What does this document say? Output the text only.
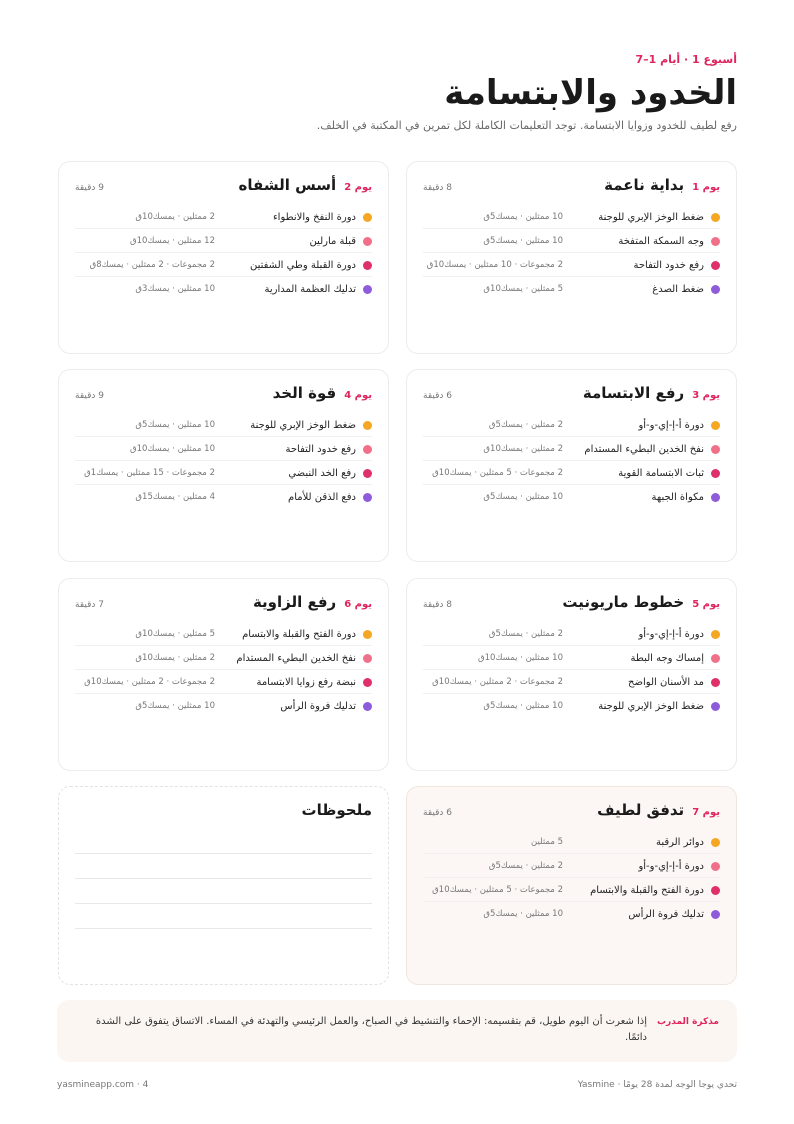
أسبوع 1 · أيام 1–7
الخدود والابتسامة
رفع لطيف للخدود وزوايا الابتسامة. توجد التعليمات الكاملة لكل تمرين في المكتبة في الخلف.
يوم 1
بداية ناعمة
8 دقيقة
ضغط الوخز الإبري للوجنة
10 ممثلين · يمسك5ق
وجه السمكة المتفخة
10 ممثلين · يمسك5ق
رفع خدود التفاحة
2 مجموعات · 10 ممثلين · يمسك10ق
ضغط الصدغ
5 ممثلين · يمسك10ق
يوم 2
أسس الشفاه
9 دقيقة
دورة النفخ والانطواء
2 ممثلين · يمسك10ق
قبلة مارلين
12 ممثلين · يمسك10ق
دورة القبلة وطي الشفتين
2 مجموعات · 2 ممثلين · يمسك8ق
تدليك العظمة المدارية
10 ممثلين · يمسك3ق
يوم 3
رفع الابتسامة
6 دقيقة
دورة أ-إ-إي-و-أو
2 ممثلين · يمسك5ق
نفخ الخدين البطيء المستدام
2 ممثلين · يمسك10ق
ثبات الابتسامة القوية
2 مجموعات · 5 ممثلين · يمسك10ق
مكواة الجبهة
10 ممثلين · يمسك5ق
يوم 4
قوة الخد
9 دقيقة
ضغط الوخز الإبري للوجنة
10 ممثلين · يمسك5ق
رفع خدود التفاحة
10 ممثلين · يمسك10ق
رفع الخد النبضي
2 مجموعات · 15 ممثلين · يمسك1ق
دفع الذقن للأمام
4 ممثلين · يمسك15ق
يوم 5
خطوط ماريونيت
8 دقيقة
دورة أ-إ-إي-و-أو
2 ممثلين · يمسك5ق
إمساك وجه البطة
10 ممثلين · يمسك10ق
مد الأسنان الواضح
2 مجموعات · 2 ممثلين · يمسك10ق
ضغط الوخز الإبري للوجنة
10 ممثلين · يمسك5ق
يوم 6
رفع الزاوية
7 دقيقة
دورة الفتح والقبلة والابتسام
5 ممثلين · يمسك10ق
نفخ الخدين البطيء المستدام
2 ممثلين · يمسك10ق
نبضة رفع زوايا الابتسامة
2 مجموعات · 2 ممثلين · يمسك10ق
تدليك فروة الرأس
10 ممثلين · يمسك5ق
يوم 7
تدفق لطيف
6 دقيقة
دوائر الرقبة
5 ممثلين
دورة أ-إ-إي-و-أو
2 ممثلين · يمسك5ق
دورة الفتح والقبلة والابتسام
2 مجموعات · 5 ممثلين · يمسك10ق
تدليك فروة الرأس
10 ممثلين · يمسك5ق
ملحوظات
مذكرة المدرب
إذا شعرت أن اليوم طويل، قم بتقسيمه: الإحماء والتنشيط في الصباح، والعمل الرئيسي والتهدئة في المساء. الاتساق يتفوق على الشدة دائمًا.
تحدي يوجا الوجه لمدة 28 يومًا · Yasmine
yasmineapp.com · 4
